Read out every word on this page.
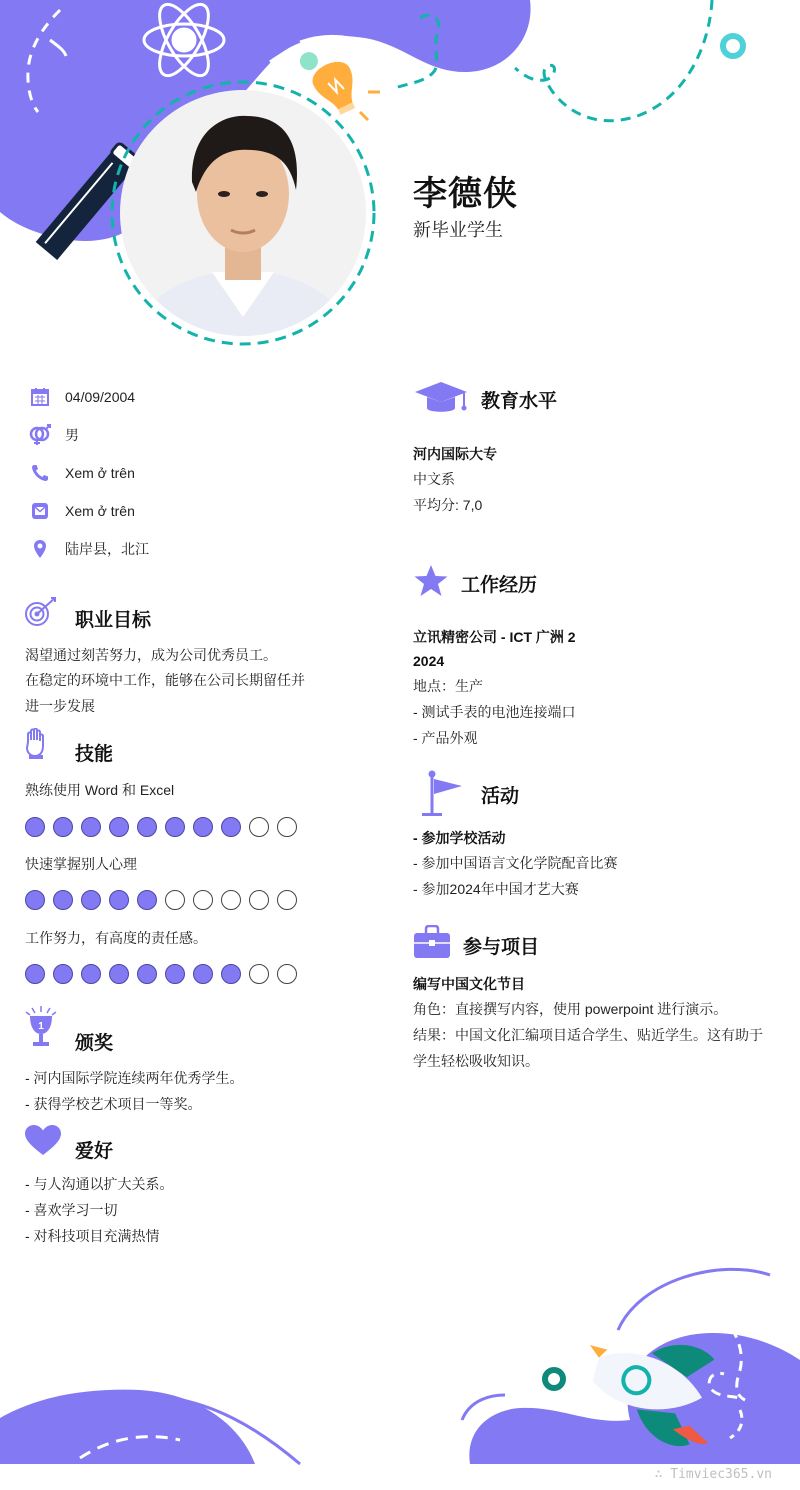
李德侠
新毕业学生
04/09/2004
男
Xem ở trên
Xem ở trên
陆岸县，北江
职业目标
渴望通过刻苦努力，成为公司优秀员工。
在稳定的环境中工作，能够在公司长期留任并
进一步发展
技能
熟练使用 Word 和 Excel
快速掌握别人心理
工作努力，有高度的责任感。
1
颁奖
- 河内国际学院连续两年优秀学生。
- 获得学校艺术项目一等奖。
爱好
- 与人沟通以扩大关系。
- 喜欢学习一切
- 对科技项目充满热情
教育水平
河内国际大专
中文系
平均分: 7,0
工作经历
立讯精密公司 - ICT 广洲 2
2024
地点：生产
- 测试手表的电池连接端口
- 产品外观
活动
- 参加学校活动
- 参加中国语言文化学院配音比赛
- 参加2024年中国才艺大赛
参与项目
编写中国文化节目
角色：直接撰写内容，使用 powerpoint 进行演示。
结果：中国文化汇编项目适合学生、贴近学生。这有助于
学生轻松吸收知识。
∴ Timviec365.vn
